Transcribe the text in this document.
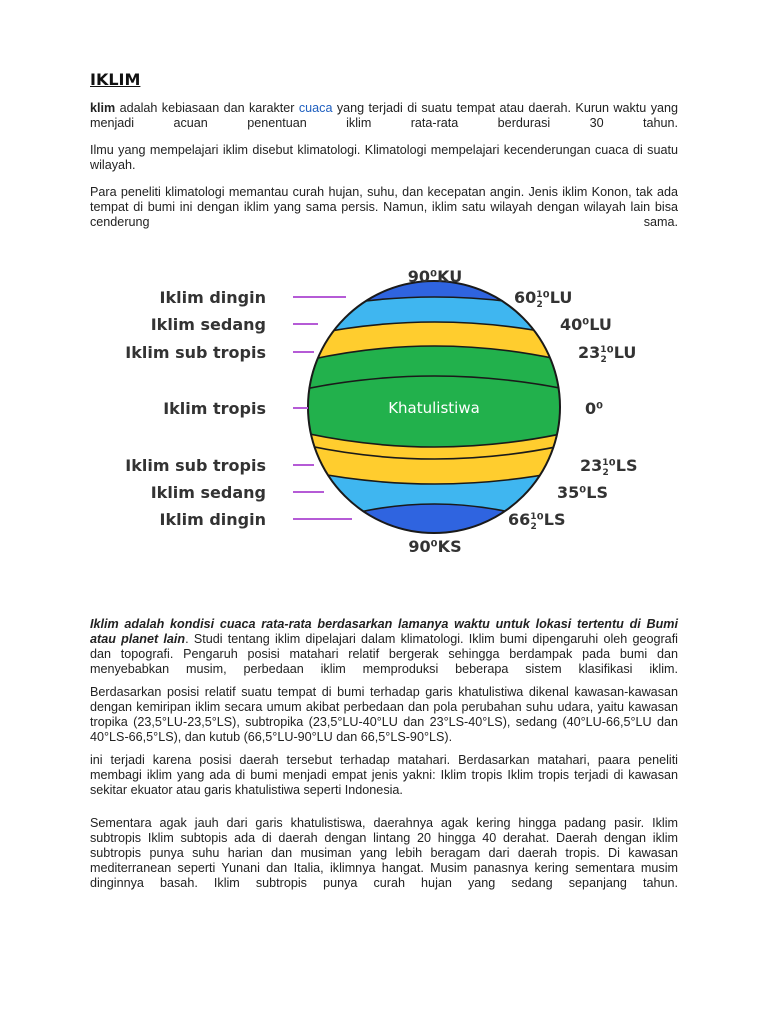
IKLIM

klim adalah kebiasaan dan karakter cuaca yang terjadi di suatu tempat atau daerah. Kurun waktu yang menjadi acuan penentuan iklim rata-rata berdurasi 30 tahun.

Ilmu yang mempelajari iklim disebut klimatologi. Klimatologi mempelajari kecenderungan cuaca di suatu wilayah.

Para peneliti klimatologi memantau curah hujan, suhu, dan kecepatan angin. Jenis iklim Konon, tak ada tempat di bumi ini dengan iklim yang sama persis. Namun, iklim satu wilayah dengan wilayah lain bisa cenderung sama.

Khatulistiwa
Iklim dingin
Iklim sedang
Iklim sub tropis
Iklim tropis
Iklim sub tropis
Iklim sedang
Iklim dingin
90⁰KU
90⁰KS
$60^1$ 2⁰LU
40⁰LU
$23^1$ 2⁰LU
0⁰
$23^1$ 2⁰LS
35⁰LS
$66^1$ 2⁰LS

Iklim adalah kondisi cuaca rata-rata berdasarkan lamanya waktu untuk lokasi tertentu di Bumi atau planet lain. Studi tentang iklim dipelajari dalam klimatologi. Iklim bumi dipengaruhi oleh geografi dan topografi. Pengaruh posisi matahari relatif bergerak sehingga berdampak pada bumi dan menyebabkan musim, perbedaan iklim memproduksi beberapa sistem klasifikasi iklim.

Berdasarkan posisi relatif suatu tempat di bumi terhadap garis khatulistiwa dikenal kawasan-kawasan dengan kemiripan iklim secara umum akibat perbedaan dan pola perubahan suhu udara, yaitu kawasan tropika (23,5°LU-23,5°LS), subtropika (23,5°LU-40°LU dan 23°LS-40°LS), sedang (40°LU-66,5°LU dan 40°LS-66,5°LS), dan kutub (66,5°LU-90°LU dan 66,5°LS-90°LS).

ini terjadi karena posisi daerah tersebut terhadap matahari. Berdasarkan matahari, paara peneliti membagi iklim yang ada di bumi menjadi empat jenis yakni: Iklim tropis Iklim tropis terjadi di kawasan sekitar ekuator atau garis khatulistiwa seperti Indonesia.

Sementara agak jauh dari garis khatulistiswa, daerahnya agak kering hingga padang pasir. Iklim subtropis Iklim subtopis ada di daerah dengan lintang 20 hingga 40 derahat. Daerah dengan iklim subtropis punya suhu harian dan musiman yang lebih beragam dari daerah tropis. Di kawasan mediterranean seperti Yunani dan Italia, iklimnya hangat. Musim panasnya kering sementara musim dinginnya basah. Iklim subtropis punya curah hujan yang sedang sepanjang tahun.
